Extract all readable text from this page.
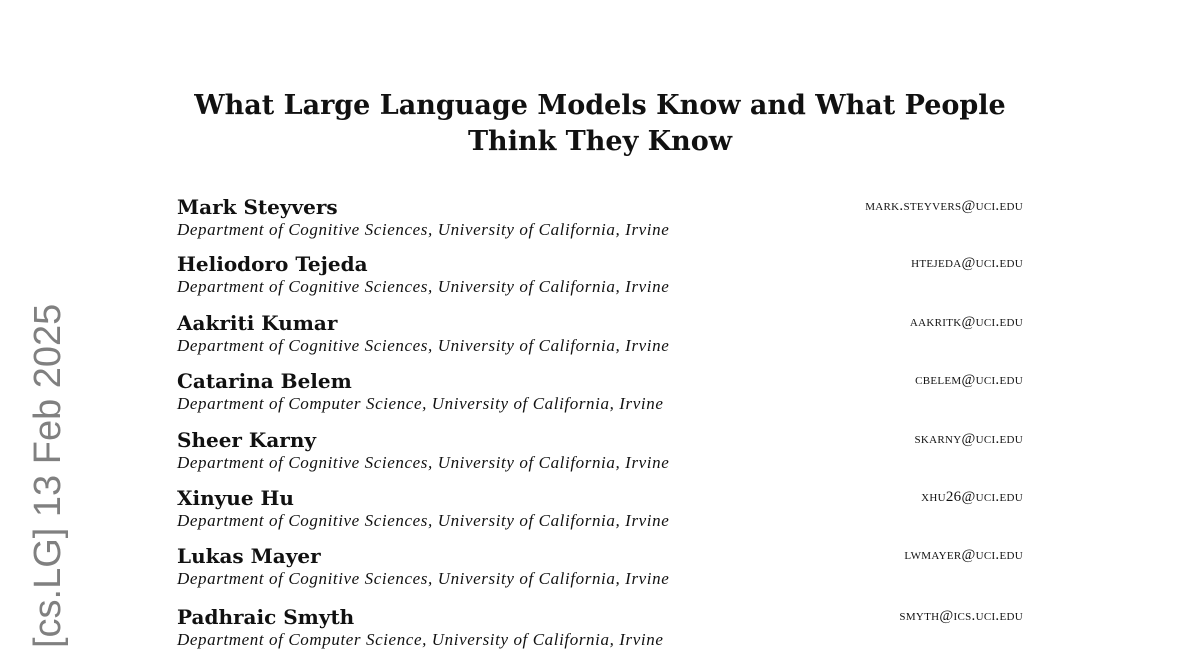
What Large Language Models Know and What People
Think They Know
[cs.LG] 13 Feb 2025
Mark Steyvers
Department of Cognitive Sciences, University of California, Irvine
mark.steyvers@uci.edu
Heliodoro Tejeda
Department of Cognitive Sciences, University of California, Irvine
htejeda@uci.edu
Aakriti Kumar
Department of Cognitive Sciences, University of California, Irvine
aakritk@uci.edu
Catarina Belem
Department of Computer Science, University of California, Irvine
cbelem@uci.edu
Sheer Karny
Department of Cognitive Sciences, University of California, Irvine
skarny@uci.edu
Xinyue Hu
Department of Cognitive Sciences, University of California, Irvine
xhu26@uci.edu
Lukas Mayer
Department of Cognitive Sciences, University of California, Irvine
lwmayer@uci.edu
Padhraic Smyth
Department of Computer Science, University of California, Irvine
smyth@ics.uci.edu
